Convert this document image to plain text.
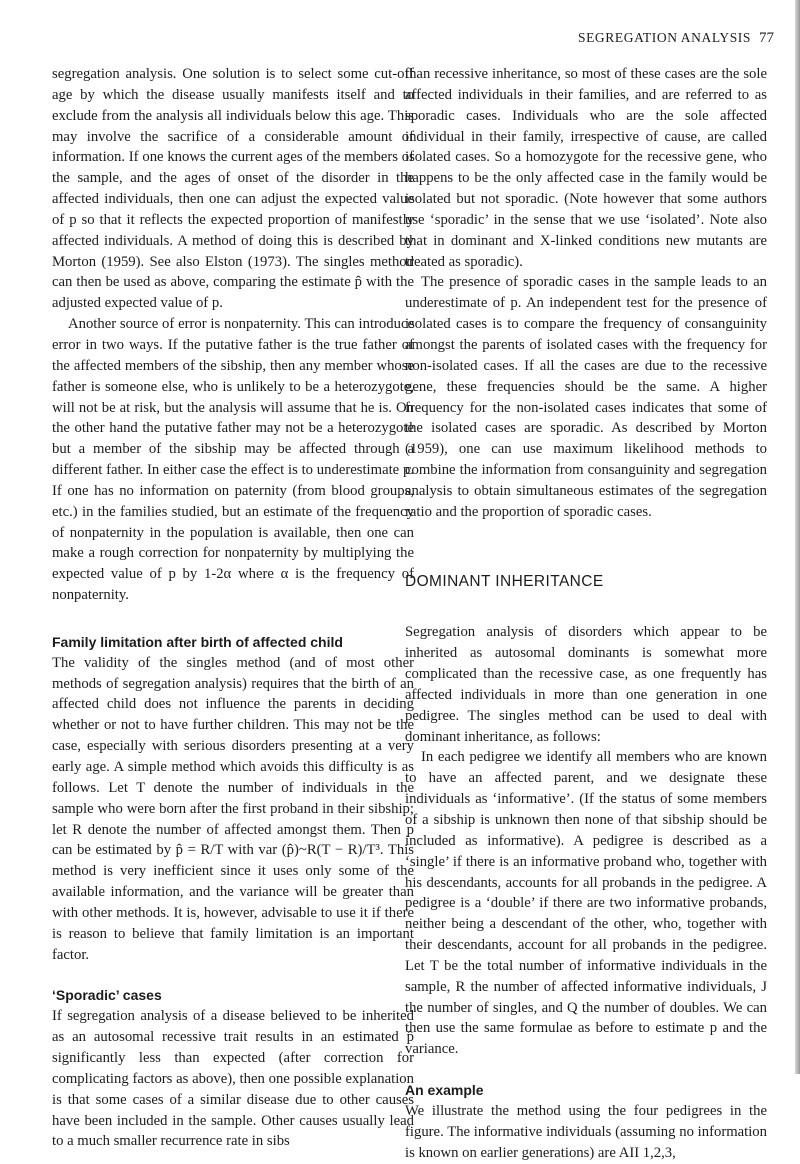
SEGREGATION ANALYSIS 77

segregation analysis. One solution is to select some cut-off age by which the disease usually manifests itself and to exclude from the analysis all individuals below this age. This may involve the sacrifice of a considerable amount of information. If one knows the current ages of the members of the sample, and the ages of onset of the disorder in the affected individuals, then one can adjust the expected value of p so that it reflects the expected proportion of manifestly affected individuals. A method of doing this is described by Morton (1959). See also Elston (1973). The singles method can then be used as above, comparing the estimate p̂ with the adjusted expected value of p.

Another source of error is nonpaternity. This can introduce error in two ways. If the putative father is the true father of the affected members of the sibship, then any member whose father is someone else, who is unlikely to be a heterozygote, will not be at risk, but the analysis will assume that he is. On the other hand the putative father may not be a heterozygote but a member of the sibship may be affected through a different father. In either case the effect is to underestimate p. If one has no information on paternity (from blood groups, etc.) in the families studied, but an estimate of the frequency of nonpaternity in the population is available, then one can make a rough correction for nonpaternity by multiplying the expected value of p by 1-2α where α is the frequency of nonpaternity.

Family limitation after birth of affected child

The validity of the singles method (and of most other methods of segregation analysis) requires that the birth of an affected child does not influence the parents in deciding whether or not to have further children. This may not be the case, especially with serious disorders presenting at a very early age. A simple method which avoids this difficulty is as follows. Let T denote the number of individuals in the sample who were born after the first proband in their sibship; let R denote the number of affected amongst them. Then p can be estimated by p̂ = R/T with var (p̂)~R(T − R)/T³. This method is very inefficient since it uses only some of the available information, and the variance will be greater than with other methods. It is, however, advisable to use it if there is reason to believe that family limitation is an important factor.

‘Sporadic’ cases

If segregation analysis of a disease believed to be inherited as an autosomal recessive trait results in an estimated p̂ significantly less than expected (after correction for complicating factors as above), then one possible explanation is that some cases of a similar disease due to other causes have been included in the sample. Other causes usually lead to a much smaller recurrence rate in sibs

than recessive inheritance, so most of these cases are the sole affected individuals in their families, and are referred to as sporadic cases. Individuals who are the sole affected individual in their family, irrespective of cause, are called isolated cases. So a homozygote for the recessive gene, who happens to be the only affected case in the family would be isolated but not sporadic. (Note however that some authors use ‘sporadic’ in the sense that we use ‘isolated’. Note also that in dominant and X-linked conditions new mutants are treated as sporadic).

The presence of sporadic cases in the sample leads to an underestimate of p. An independent test for the presence of isolated cases is to compare the frequency of consanguinity amongst the parents of isolated cases with the frequency for non-isolated cases. If all the cases are due to the recessive gene, these frequencies should be the same. A higher frequency for the non-isolated cases indicates that some of the isolated cases are sporadic. As described by Morton (1959), one can use maximum likelihood methods to combine the information from consanguinity and segregation analysis to obtain simultaneous estimates of the segregation ratio and the proportion of sporadic cases.

DOMINANT INHERITANCE

Segregation analysis of disorders which appear to be inherited as autosomal dominants is somewhat more complicated than the recessive case, as one frequently has affected individuals in more than one generation in one pedigree. The singles method can be used to deal with dominant inheritance, as follows:

In each pedigree we identify all members who are known to have an affected parent, and we designate these individuals as ‘informative’. (If the status of some members of a sibship is unknown then none of that sibship should be included as informative). A pedigree is described as a ‘single’ if there is an informative proband who, together with his descendants, accounts for all probands in the pedigree. A pedigree is a ‘double’ if there are two informative probands, neither being a descendant of the other, who, together with their descendants, account for all probands in the pedigree. Let T be the total number of informative individuals in the sample, R the number of affected informative individuals, J the number of singles, and Q the number of doubles. We can then use the same formulae as before to estimate p and the variance.

An example

We illustrate the method using the four pedigrees in the figure. The informative individuals (assuming no information is known on earlier generations) are AII 1,2,3,
